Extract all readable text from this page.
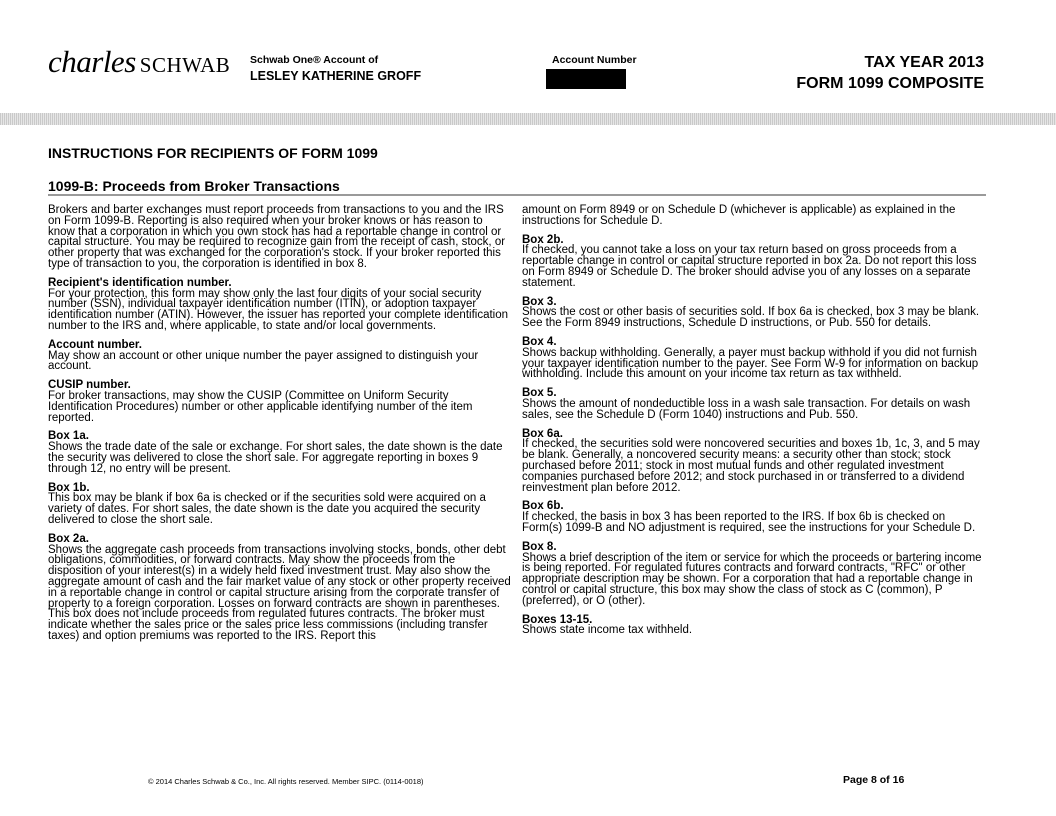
charles SCHWAB Schwab One® Account of
LESLEY KATHERINE GROFF
Account Number	TAX YEAR 2013
FORM 1099 COMPOSITE
INSTRUCTIONS FOR RECIPIENTS OF FORM 1099
1099-B: Proceeds from Broker Transactions

Brokers and barter exchanges must report proceeds from transactions to you and the IRS on Form 1099-B. Reporting is also required when your broker knows or has reason to know that a corporation in which you own stock has had a reportable change in control or capital structure. You may be required to recognize gain from the receipt of cash, stock, or other property that was exchanged for the corporation's stock. If your broker reported this type of transaction to you, the corporation is identified in box 8.

Recipient's identification number.
For your protection, this form may show only the last four digits of your social security number (SSN), individual taxpayer identification number (ITIN), or adoption taxpayer identification number (ATIN). However, the issuer has reported your complete identification number to the IRS and, where applicable, to state and/or local governments.
Account number.
May show an account or other unique number the payer assigned to distinguish your account.
CUSIP number.
For broker transactions, may show the CUSIP (Committee on Uniform Security Identification Procedures) number or other applicable identifying number of the item reported.
Box 1a.
Shows the trade date of the sale or exchange. For short sales, the date shown is the date the security was delivered to close the short sale. For aggregate reporting in boxes 9 through 12, no entry will be present.
Box 1b.
This box may be blank if box 6a is checked or if the securities sold were acquired on a variety of dates. For short sales, the date shown is the date you acquired the security delivered to close the short sale.
Box 2a.
Shows the aggregate cash proceeds from transactions involving stocks, bonds, other debt obligations, commodities, or forward contracts. May show the proceeds from the disposition of your interest(s) in a widely held fixed investment trust. May also show the aggregate amount of cash and the fair market value of any stock or other property received in a reportable change in control or capital structure arising from the corporate transfer of property to a foreign corporation. Losses on forward contracts are shown in parentheses. This box does not include proceeds from regulated futures contracts. The broker must indicate whether the sales price or the sales price less commissions (including transfer taxes) and option premiums was reported to the IRS. Report this

amount on Form 8949 or on Schedule D (whichever is applicable) as explained in the instructions for Schedule D.

Box 2b.
If checked, you cannot take a loss on your tax return based on gross proceeds from a reportable change in control or capital structure reported in box 2a. Do not report this loss on Form 8949 or Schedule D. The broker should advise you of any losses on a separate statement.
Box 3.
Shows the cost or other basis of securities sold. If box 6a is checked, box 3 may be blank. See the Form 8949 instructions, Schedule D instructions, or Pub. 550 for details.
Box 4.
Shows backup withholding. Generally, a payer must backup withhold if you did not furnish your taxpayer identification number to the payer. See Form W-9 for information on backup withholding. Include this amount on your income tax return as tax withheld.
Box 5.
Shows the amount of nondeductible loss in a wash sale transaction. For details on wash sales, see the Schedule D (Form 1040) instructions and Pub. 550.
Box 6a.
If checked, the securities sold were noncovered securities and boxes 1b, 1c, 3, and 5 may be blank. Generally, a noncovered security means: a security other than stock; stock purchased before 2011; stock in most mutual funds and other regulated investment companies purchased before 2012; and stock purchased in or transferred to a dividend reinvestment plan before 2012.
Box 6b.
If checked, the basis in box 3 has been reported to the IRS. If box 6b is checked on Form(s) 1099-B and NO adjustment is required, see the instructions for your Schedule D.
Box 8.
Shows a brief description of the item or service for which the proceeds or bartering income is being reported. For regulated futures contracts and forward contracts, "RFC" or other appropriate description may be shown. For a corporation that had a reportable change in control or capital structure, this box may show the class of stock as C (common), P (preferred), or O (other).
Boxes 13-15.
Shows state income tax withheld.
© 2014 Charles Schwab & Co., Inc. All rights reserved. Member SIPC. (0114-0018)	Page 8 of 16
